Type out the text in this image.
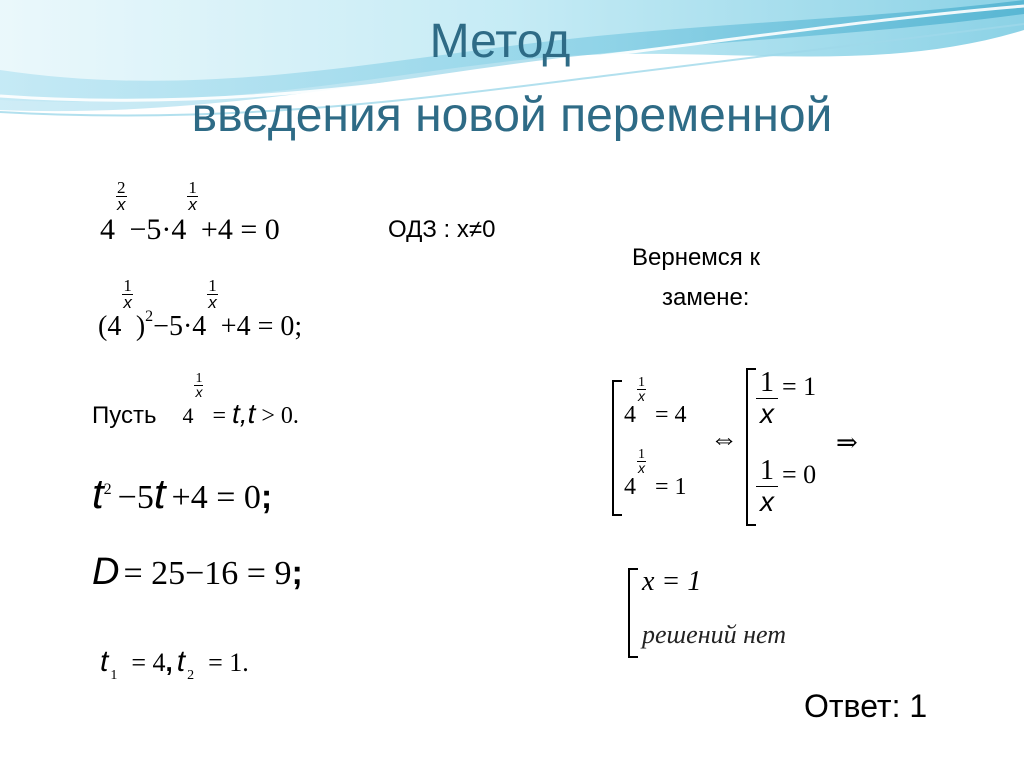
Метод
введения новой переменной
4
$\frac{2}{x}$
−5·4
$\frac{1}{x}$
+4 = 0	ОДЗ : x≠0
(4
$\frac{1}{x}$
)$^2$−5·4
$\frac{1}{x}$
+4 = 0;
Пусть 4
$\frac{1}{x}$
= t,t > 0.
$t^2 -5t +4 = 0$;
D = 25−16 = 9;
t $_1$ = 4, t $_2$ = 1.
Вернемся к
замене:
4
$\frac{1}{x}$
= 4
4
$\frac{1}{x}$
= 1
⇔
$\frac{1}{x} = 1$
$\frac{1}{x} = 0$
⇒
x = 1
решений нет
Ответ: 1
